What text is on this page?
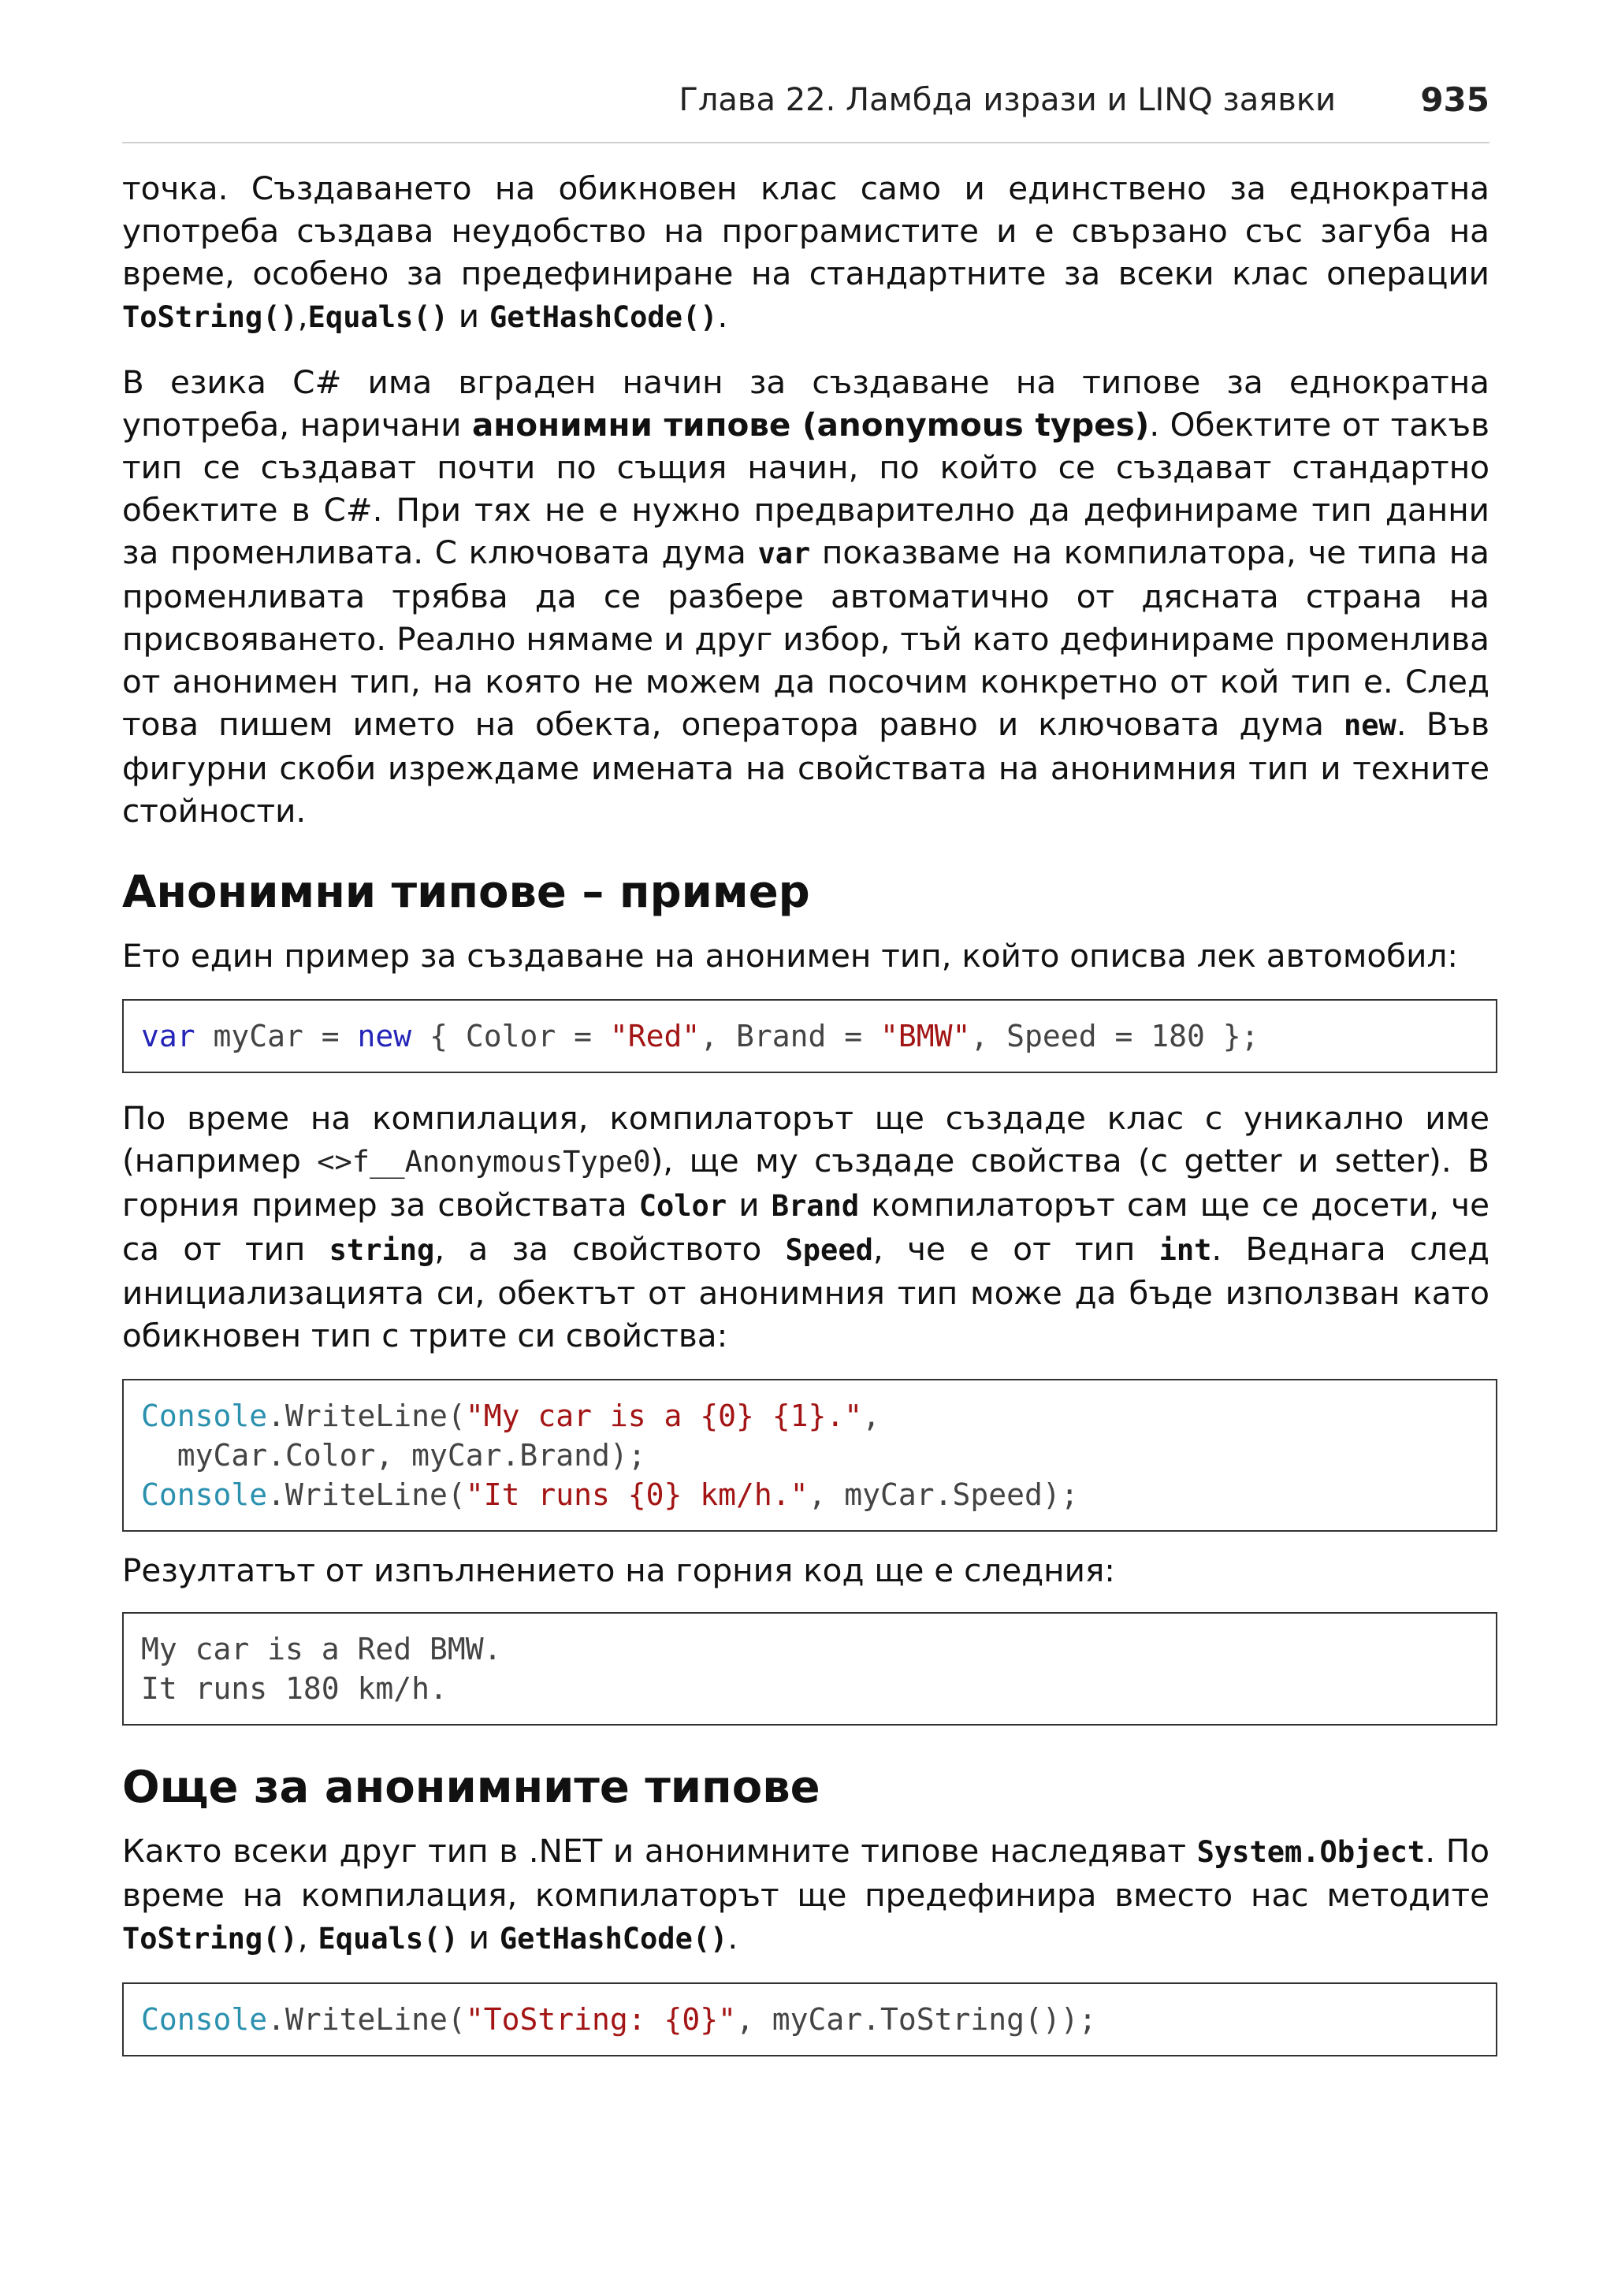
Глава 22. Ламбда изрази и LINQ заявки	935

точка. Създаването на обикновен клас само и единствено за еднократна употреба създава неудобство на програмистите и е свързано със загуба на време, особено за предефиниране на стандартните за всеки клас операции ToString(),Equals() и GetHashCode().

В езика C# има вграден начин за създаване на типове за еднократна употреба, наричани анонимни типове (anonymous types). Обектите от такъв тип се създават почти по същия начин, по който се създават стандартно обектите в C#. При тях не е нужно предварително да дефинираме тип данни за променливата. С ключовата дума var показваме на компилатора, че типа на променливата трябва да се разбере автоматично от дясната страна на присвояването. Реално нямаме и друг избор, тъй като дефинираме променлива от анонимен тип, на която не можем да посочим конкретно от кой тип е. След това пишем името на обекта, оператора равно и ключовата дума new. Във фигурни скоби изреждаме имената на свойствата на анонимния тип и техните стойности.

Анонимни типове – пример

Ето един пример за създаване на анонимен тип, който описва лек автомобил:

var myCar = new { Color = "Red", Brand = "BMW", Speed = 180 };

По време на компилация, компилаторът ще създаде клас с уникално име (например <>f__AnonymousType0), ще му създаде свойства (с getter и setter). В горния пример за свойствата Color и Brand компилаторът сам ще се досети, че са от тип string, а за свойството Speed, че е от тип int. Веднага след инициализацията си, обектът от анонимния тип може да бъде използван като обикновен тип с трите си свойства:

Console.WriteLine("My car is a {0} {1}.",
myCar.Color, myCar.Brand);
Console.WriteLine("It runs {0} km/h.", myCar.Speed);

Резултатът от изпълнението на горния код ще е следния:

My car is a Red BMW.
It runs 180 km/h.
Още за анонимните типове

Както всеки друг тип в .NET и анонимните типове наследяват System.Object. По време на компилация, компилаторът ще предефинира вместо нас методите ToString(), Equals() и GetHashCode().

Console.WriteLine("ToString: {0}", myCar.ToString());
